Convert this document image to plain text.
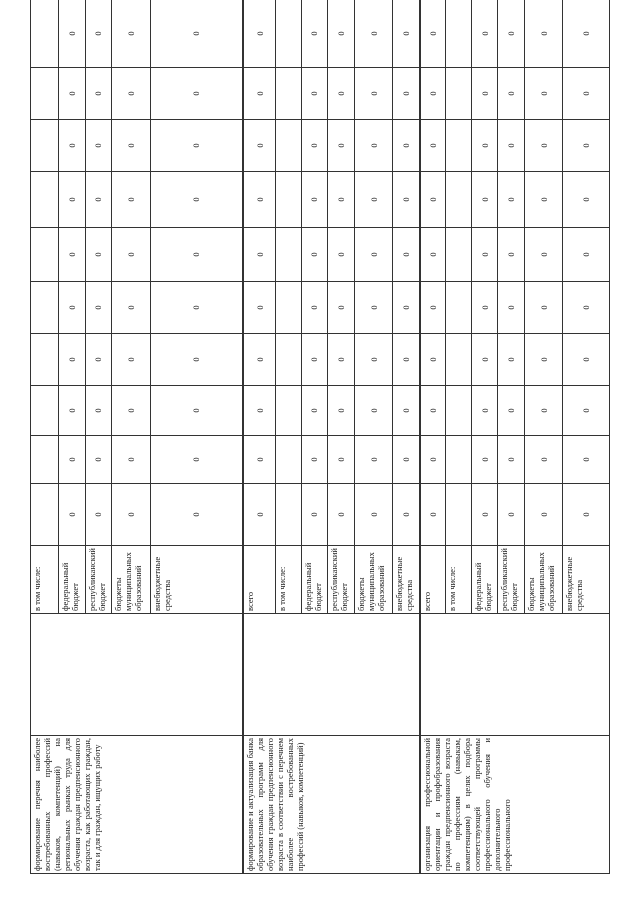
формирование перечня наиболее востребованных профессий (навыков, компетенций) на региональных рынках труда для обучения граждан предпенсионного возраста, как работающих граждан, так и для граждан, ищущих работу		в том числе:											
		федеральный бюджет	0	0	0	0	0	0	0	0	0	0	
		республиканский бюджет	0	0	0	0	0	0	0	0	0	0	
		бюджеты муниципальных образований	0	0	0	0	0	0	0	0	0	0	
		внебюджетные средства	0	0	0	0	0	0	0	0	0	0	
формирование и актуализация банка образовательных программ для обучения граждан предпенсионного возраста в соответствии с перечнем наиболее востребованных профессий (навыков, компетенций)		всего	0	0	0	0	0	0	0	0	0	0	
		в том числе:											
		федеральный бюджет	0	0	0	0	0	0	0	0	0	0	
		республиканский бюджет	0	0	0	0	0	0	0	0	0	0	
		бюджеты муниципальных образований	0	0	0	0	0	0	0	0	0	0	
		внебюджетные средства	0	0	0	0	0	0	0	0	0	0	
организация профессиональной ориентации и профобразования граждан предпенсионного возраста по профессиям (навыкам, компетенциям) в целях подбора соответствующей программы профессионального обучения и дополнительного профессионального		всего	0	0	0	0	0	0	0	0	0	0	
		в том числе:											
		федеральный бюджет	0	0	0	0	0	0	0	0	0	0	
		республиканский бюджет	0	0	0	0	0	0	0	0	0	0	
		бюджеты муниципальных образований	0	0	0	0	0	0	0	0	0	0	
		внебюджетные средства	0	0	0	0	0	0	0	0	0	0	
